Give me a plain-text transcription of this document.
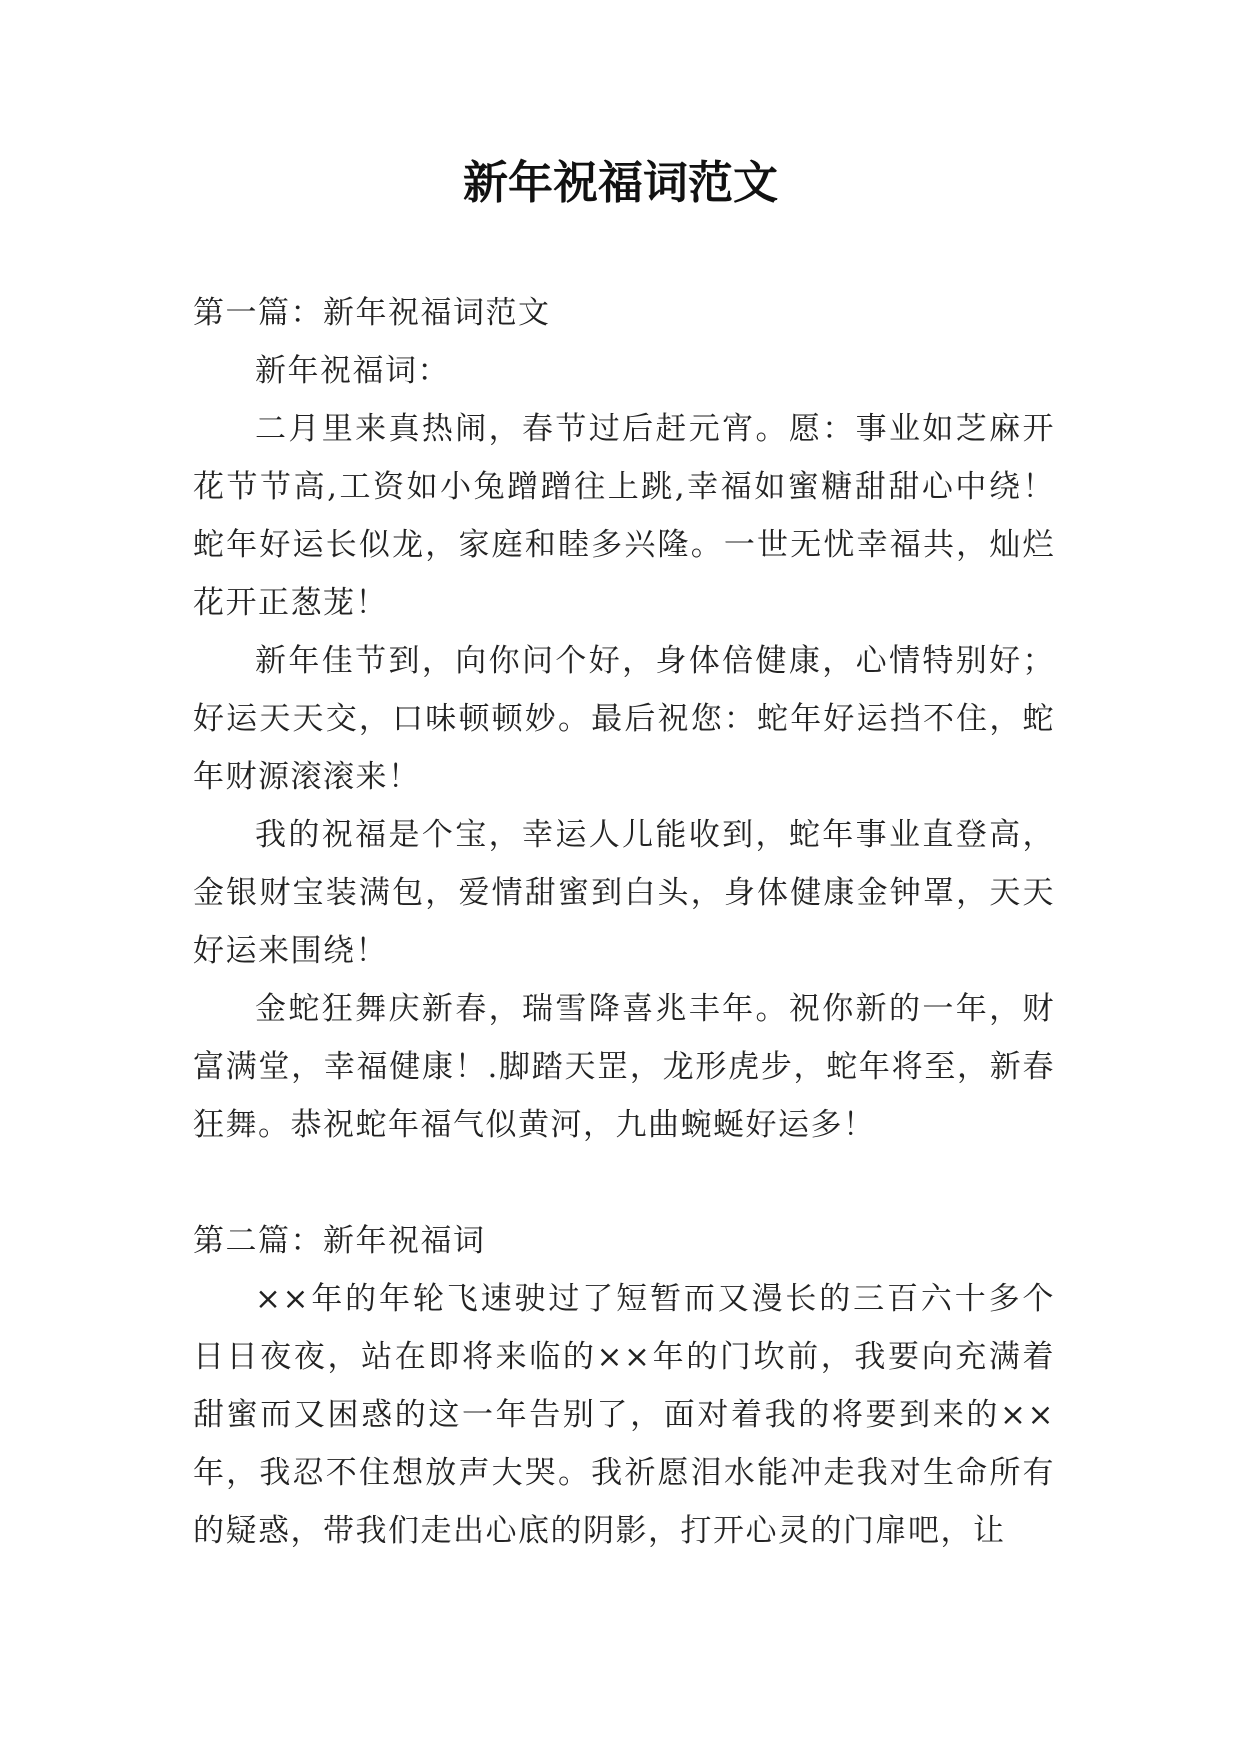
新年祝福词范文

第一篇：新年祝福词范文

新年祝福词：

二月里来真热闹，春节过后赶元宵。愿：事业如芝麻开花节节高,工资如小兔蹭蹭往上跳,幸福如蜜糖甜甜心中绕！蛇年好运长似龙，家庭和睦多兴隆。一世无忧幸福共，灿烂花开正葱茏！

新年佳节到，向你问个好，身体倍健康，心情特别好；好运天天交，口味顿顿妙。最后祝您：蛇年好运挡不住，蛇年财源滚滚来！

我的祝福是个宝，幸运人儿能收到，蛇年事业直登高，金银财宝装满包，爱情甜蜜到白头，身体健康金钟罩，天天好运来围绕！

金蛇狂舞庆新春，瑞雪降喜兆丰年。祝你新的一年，财富满堂，幸福健康！.脚踏天罡，龙形虎步，蛇年将至，新春狂舞。恭祝蛇年福气似黄河，九曲蜿蜒好运多！

第二篇：新年祝福词

××年的年轮飞速驶过了短暂而又漫长的三百六十多个日日夜夜，站在即将来临的××年的门坎前，我要向充满着甜蜜而又困惑的这一年告别了，面对着我的将要到来的××年，我忍不住想放声大哭。我祈愿泪水能冲走我对生命所有的疑惑，带我们走出心底的阴影，打开心灵的门扉吧，让
